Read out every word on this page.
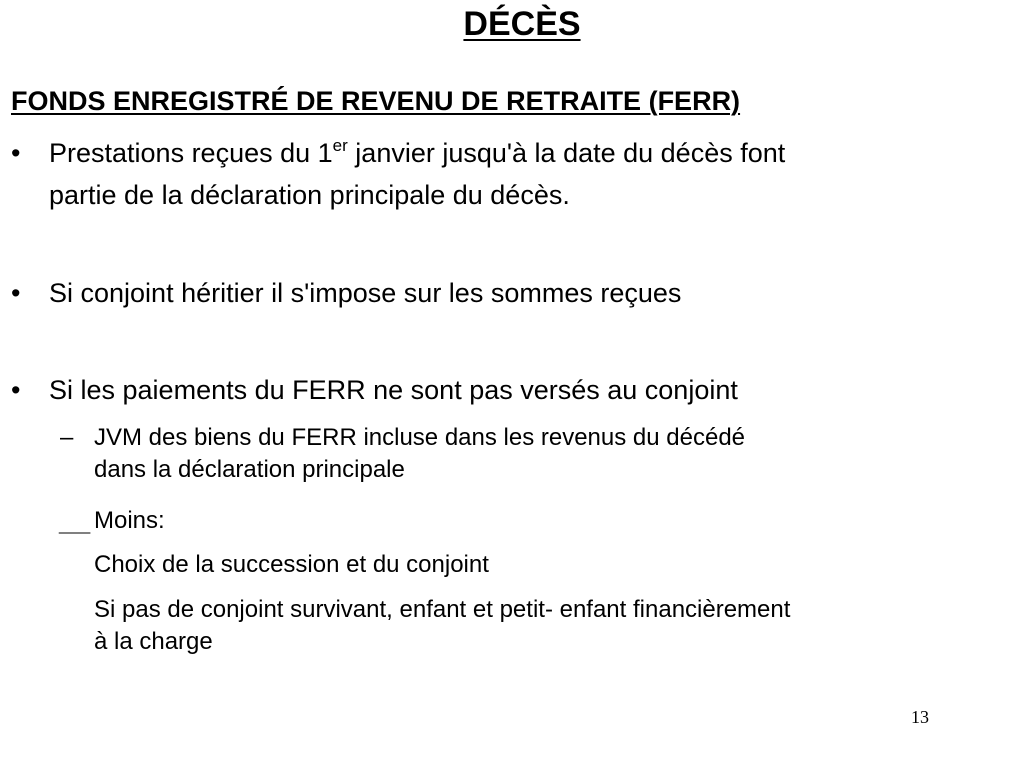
DÉCÈS
FONDS ENREGISTRÉ DE REVENU DE RETRAITE (FERR)
•	Prestations reçues du 1er janvier jusqu'à la date du décès font
partie de la déclaration principale du décès.
•	Si conjoint héritier il s'impose sur les sommes reçues
•	Si les paiements du FERR ne sont pas versés au conjoint
– JVM des biens du FERR incluse dans les revenus du décédé
dans la déclaration principale
__ Moins:
Choix de la succession et du conjoint
Si pas de conjoint survivant, enfant et petit- enfant financièrement
à la charge
13
